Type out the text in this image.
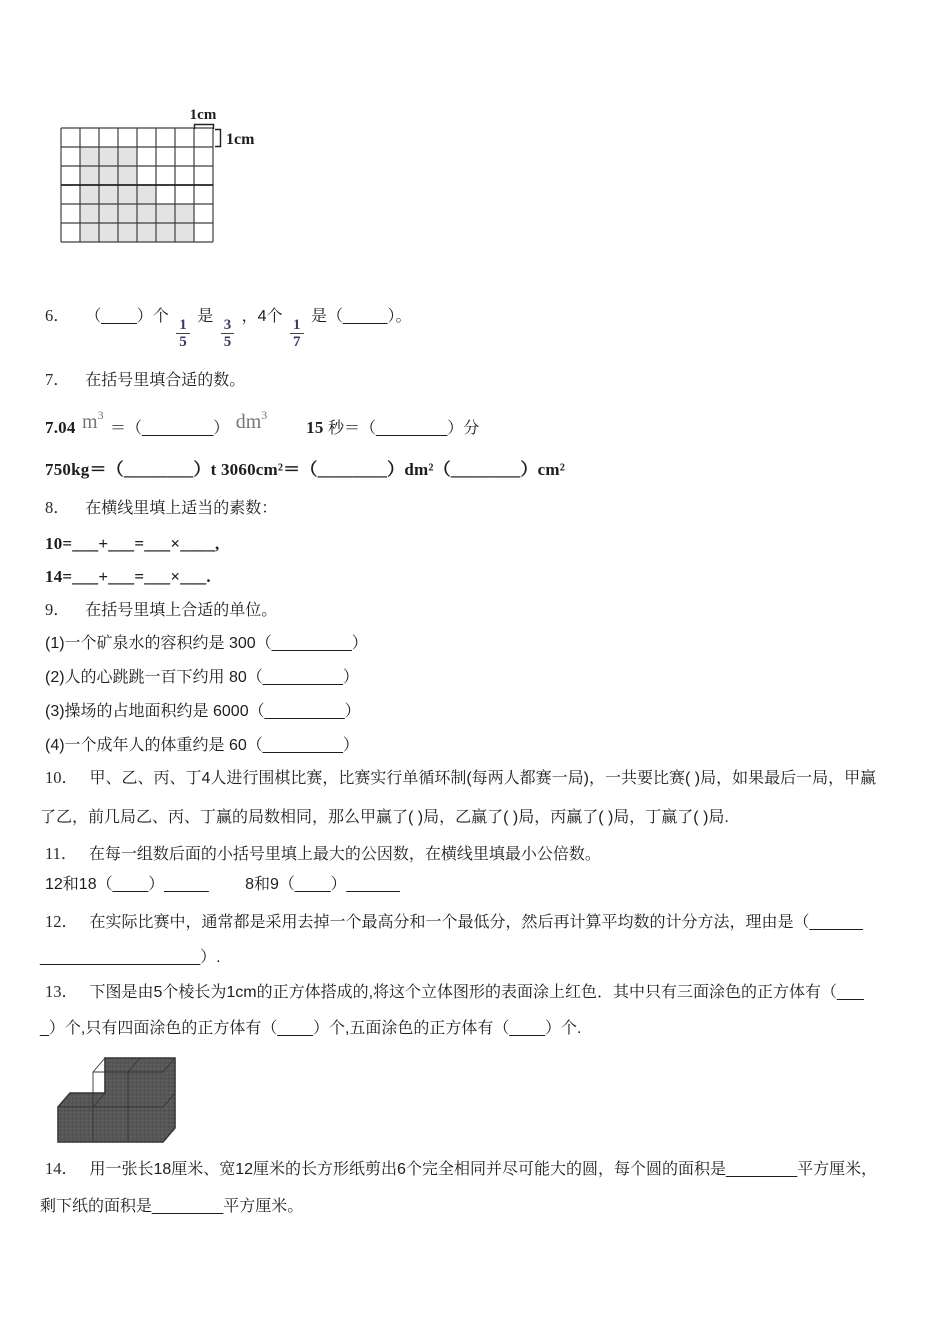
1cm
1cm
6． （____）个
$\frac{1}{5}$
是
$\frac{3}{5}$
，4个
$\frac{1}{7}$
是（_____）。
7． 在括号里填合适的数。
7.04 $m^3$ ＝（________） $dm^3$  15 秒＝（________）分
750kg＝（________）t 3060cm²＝（________）dm²（________）cm²
8． 在横线里填上适当的素数：
10=___+___=___×____,
14=___+___=___×___.
9． 在括号里填上合适的单位。
(1)一个矿泉水的容积约是 300（_________）
(2)人的心跳跳一百下约用 80（_________）
(3)操场的占地面积约是 6000（_________）
(4)一个成年人的体重约是 60（_________）
10． 甲、乙、丙、丁4人进行围棋比赛，比赛实行单循环制(每两人都赛一局)，一共要比赛( )局，如果最后一局，甲赢
了乙，前几局乙、丙、丁赢的局数相同，那么甲赢了( )局，乙赢了( )局，丙赢了( )局，丁赢了( )局.
11． 在每一组数后面的小括号里填上最大的公因数，在横线里填最小公倍数。
12和18（____）_____　　 8和9（____）______
12． 在实际比赛中，通常都是采用去掉一个最高分和一个最低分，然后再计算平均数的计分方法，理由是（______
__________________）.
13． 下图是由5个棱长为1cm的正方体搭成的,将这个立体图形的表面涂上红色．其中只有三面涂色的正方体有（___
_）个,只有四面涂色的正方体有（____）个,五面涂色的正方体有（____）个.
14． 用一张长18厘米、宽12厘米的长方形纸剪出6个完全相同并尽可能大的圆，每个圆的面积是________平方厘米，
剩下纸的面积是________平方厘米。
